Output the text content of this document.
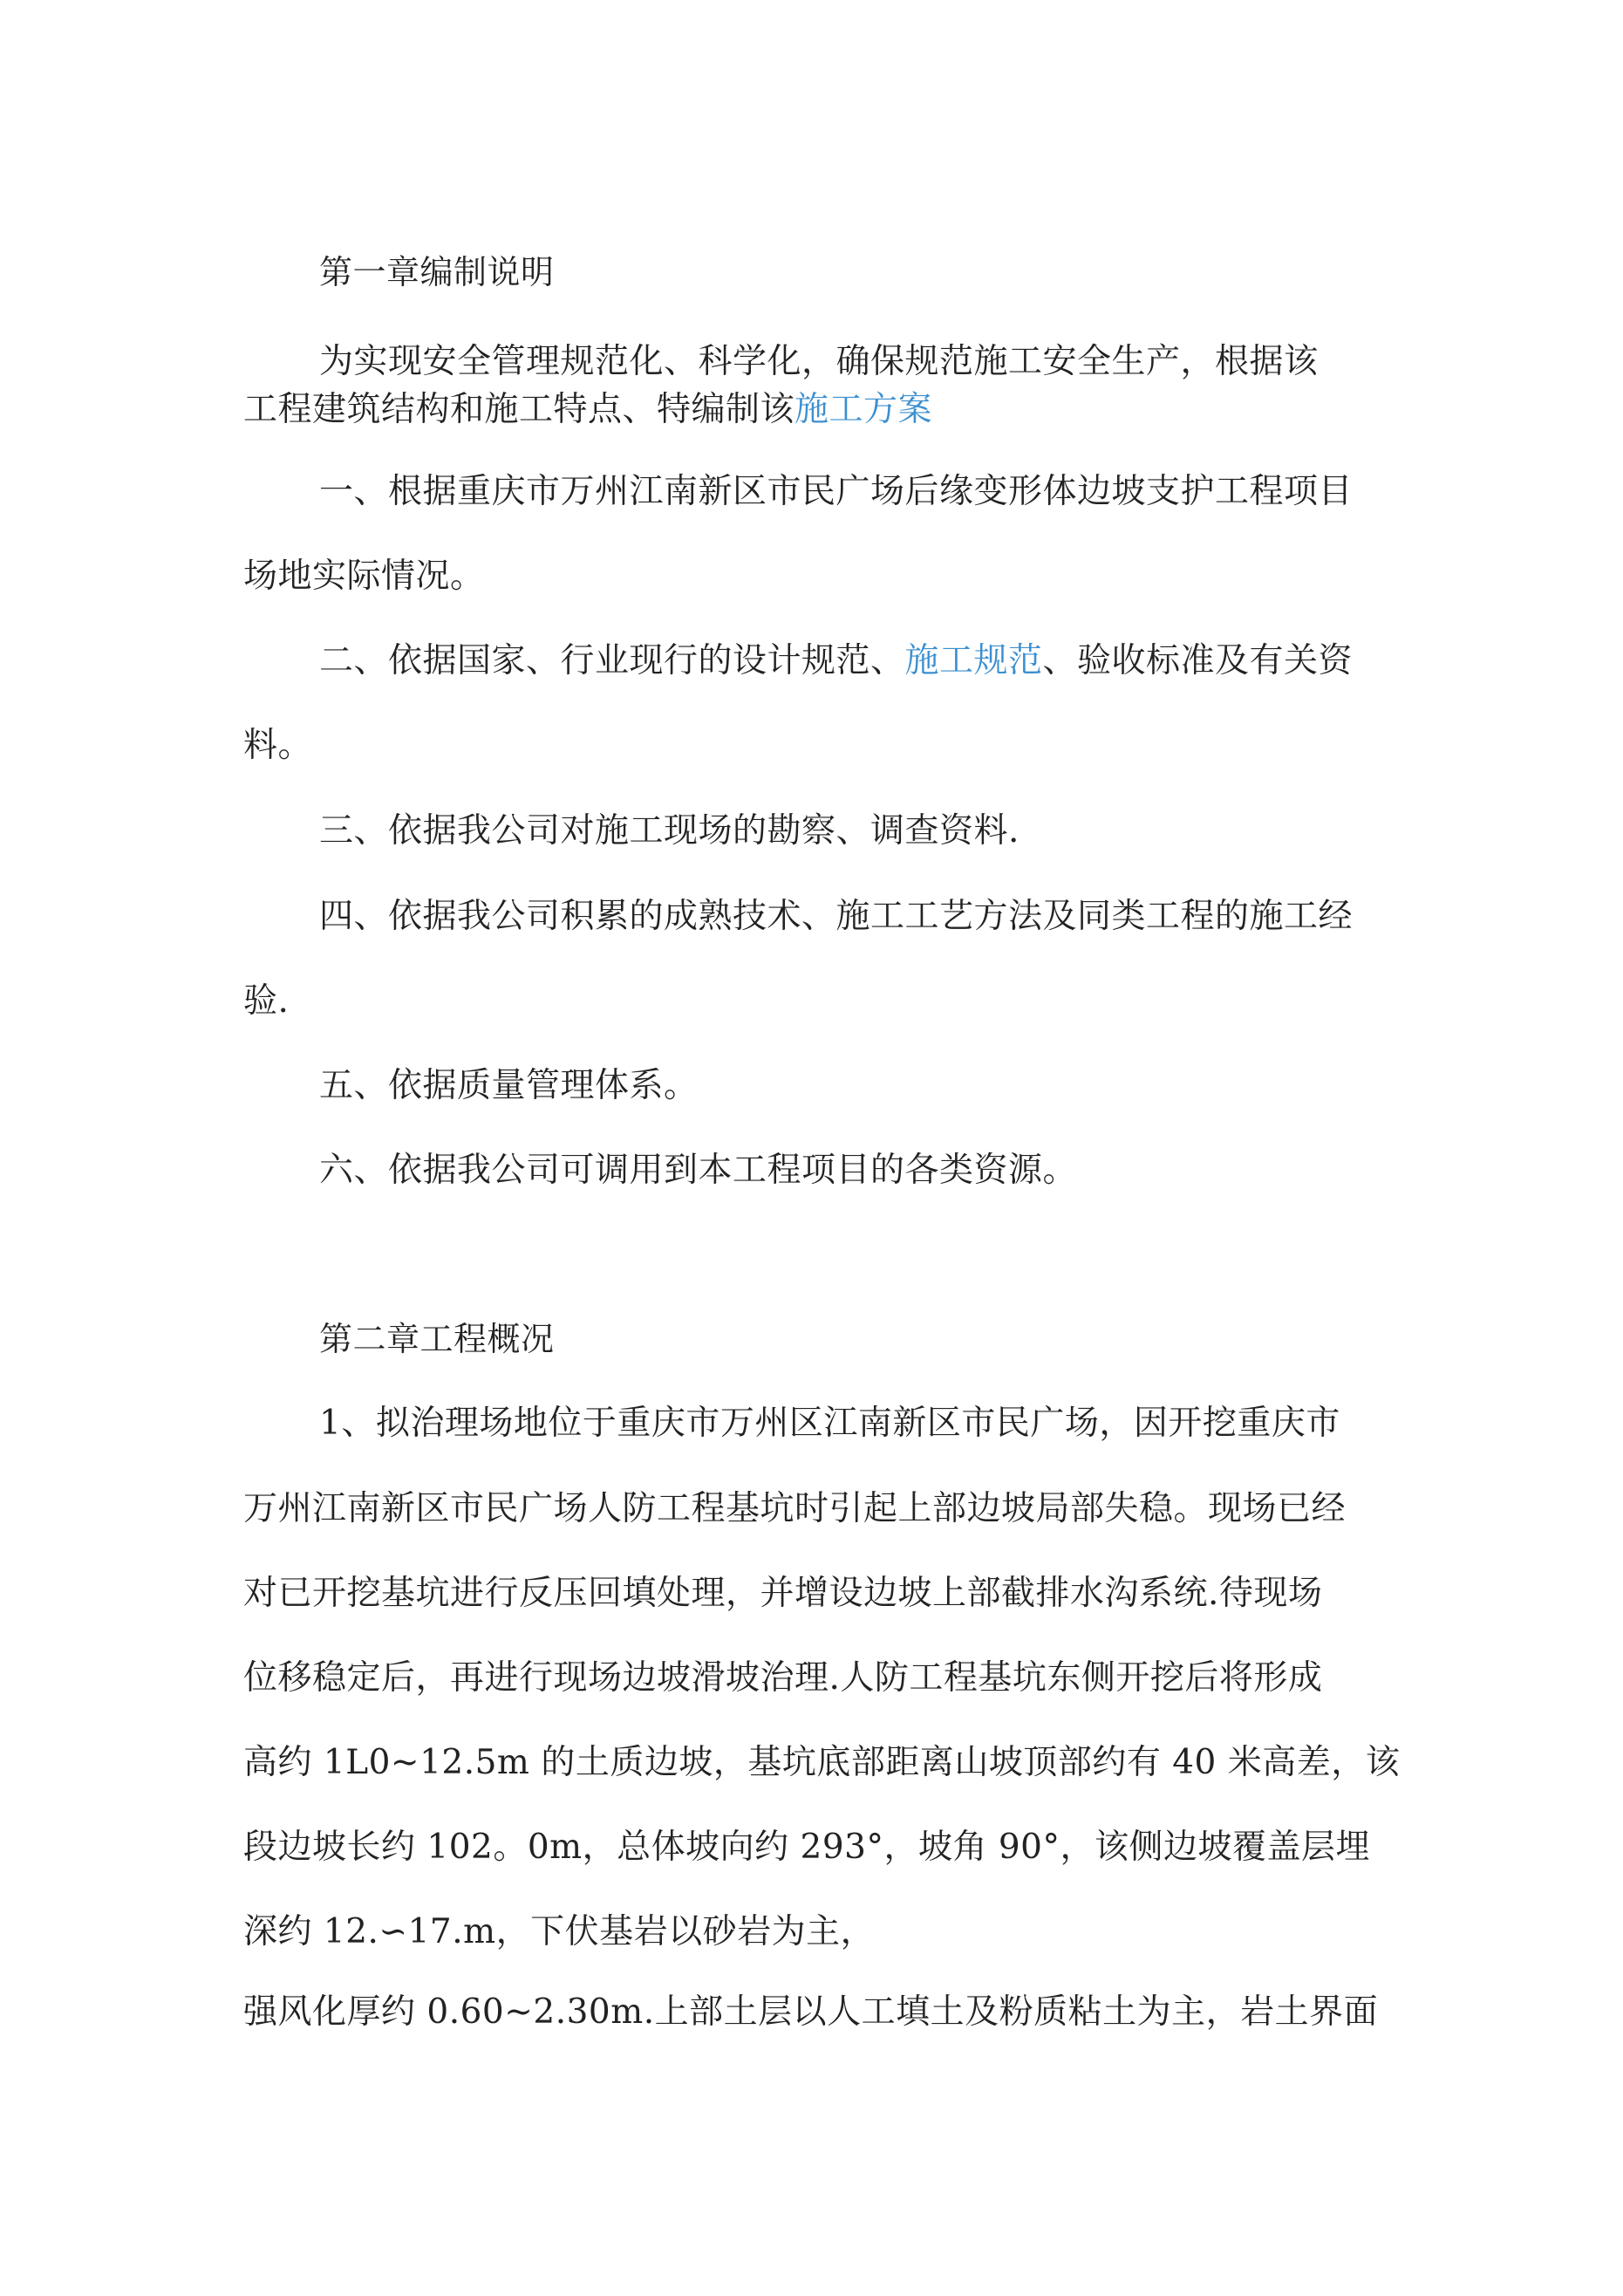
第一章编制说明
为实现安全管理规范化、科学化，确保规范施工安全生产，根据该
工程建筑结构和施工特点、特编制该施工方案
一、根据重庆市万州江南新区市民广场后缘变形体边坡支护工程项目
场地实际情况。
二、依据国家、行业现行的设计规范、施工规范、验收标准及有关资
料。
三、依据我公司对施工现场的勘察、调查资料.
四、依据我公司积累的成熟技术、施工工艺方法及同类工程的施工经
验.
五、依据质量管理体系。
六、依据我公司可调用到本工程项目的各类资源。
第二章工程概况
1、拟治理场地位于重庆市万州区江南新区市民广场，因开挖重庆市
万州江南新区市民广场人防工程基坑时引起上部边坡局部失稳。现场已经
对已开挖基坑进行反压回填处理，并增设边坡上部截排水沟系统.待现场
位移稳定后，再进行现场边坡滑坡治理.人防工程基坑东侧开挖后将形成
高约 1L0~12.5m 的土质边坡，基坑底部距离山坡顶部约有 40 米高差，该
段边坡长约 102。0m，总体坡向约 293°，坡角 90°，该侧边坡覆盖层埋
深约 12.∽17.m，下伏基岩以砂岩为主，
强风化厚约 0.60~2.30m.上部土层以人工填土及粉质粘土为主，岩土界面
